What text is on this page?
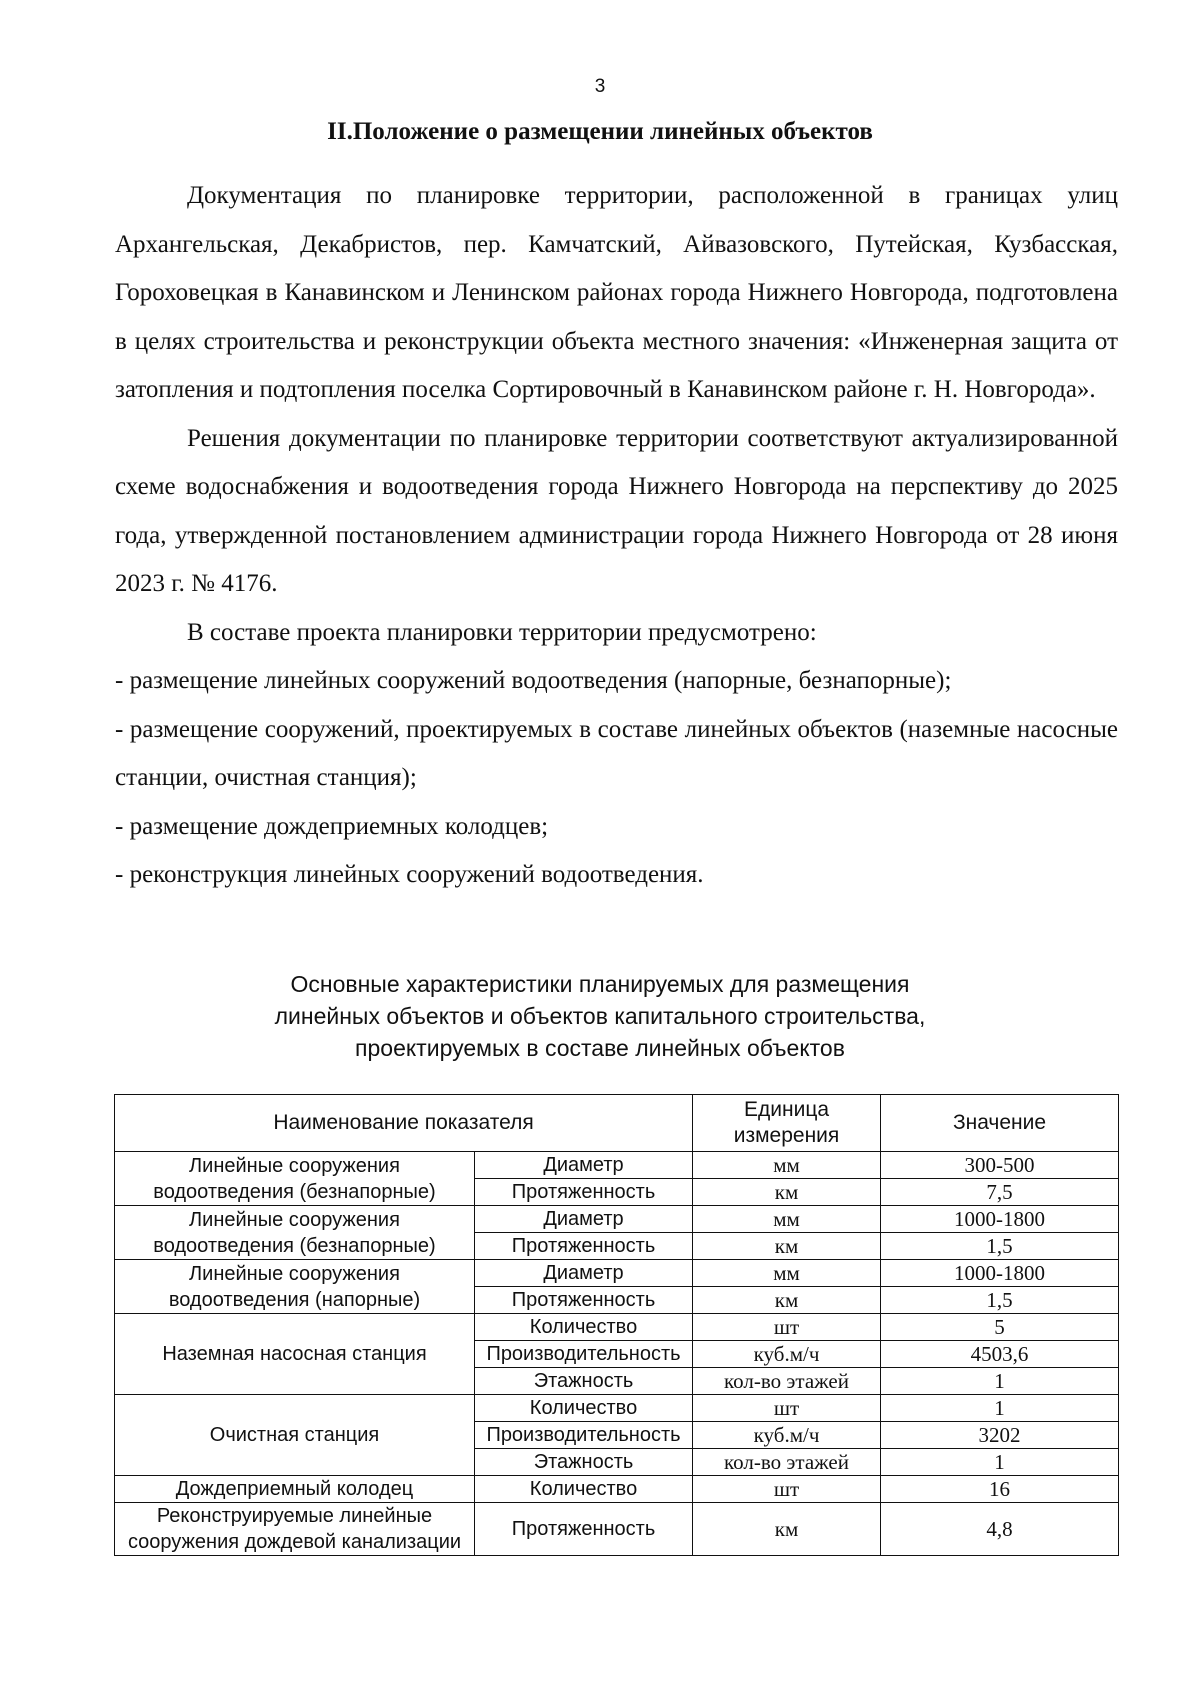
3
II.Положение о размещении линейных объектов

Документация по планировке территории, расположенной в границах улиц Архангельская, Декабристов, пер. Камчатский, Айвазовского, Путейская, Кузбасская, Гороховецкая в Канавинском и Ленинском районах города Нижнего Новгорода, подготовлена в целях строительства и реконструкции объекта местного значения: «Инженерная защита от затопления и подтопления поселка Сортировочный в Канавинском районе г. Н. Новгорода».

Решения документации по планировке территории соответствуют актуализированной схеме водоснабжения и водоотведения города Нижнего Новгорода на перспективу до 2025 года, утвержденной постановлением администрации города Нижнего Новгорода от 28 июня 2023 г. № 4176.

В составе проекта планировки территории предусмотрено:

- размещение линейных сооружений водоотведения (напорные, безнапорные);

- размещение сооружений, проектируемых в составе линейных объектов (наземные насосные станции, очистная станция);

- размещение дождеприемных колодцев;

- реконструкция линейных сооружений водоотведения.

Основные характеристики планируемых для размещения
линейных объектов и объектов капитального строительства,
проектируемых в составе линейных объектов
Наименование показателя		Единица измерения	Значение
Линейные сооружения водоотведения (безнапорные)	Диаметр	мм	300-500
	Протяженность	км	7,5
Линейные сооружения водоотведения (безнапорные)	Диаметр	мм	1000-1800
	Протяженность	км	1,5
Линейные сооружения водоотведения (напорные)	Диаметр	мм	1000-1800
	Протяженность	км	1,5
Наземная насосная станция	Количество	шт	5
	Производительность	куб.м/ч	4503,6
	Этажность	кол-во этажей	1
Очистная станция	Количество	шт	1
	Производительность	куб.м/ч	3202
	Этажность	кол-во этажей	1
Дождеприемный колодец	Количество	шт	16
Реконструируемые линейные сооружения дождевой канализации	Протяженность	км	4,8
